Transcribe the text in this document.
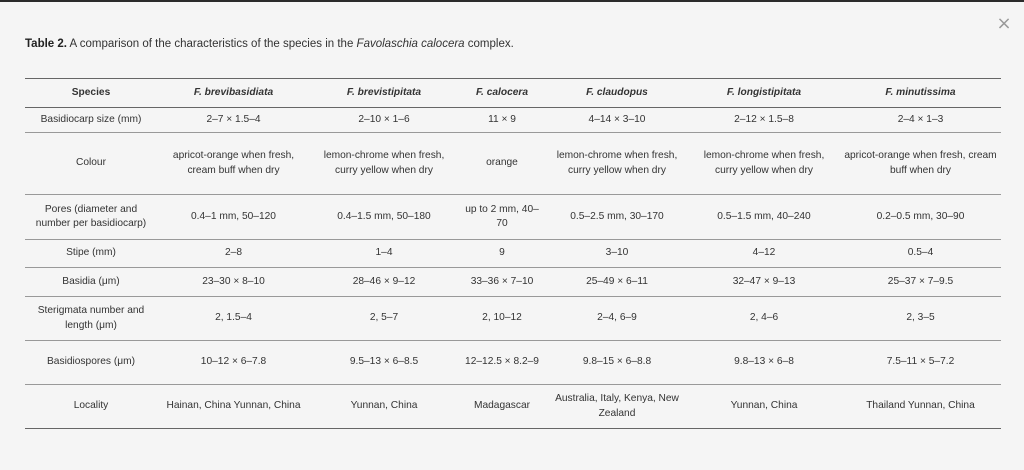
×
Table 2. A comparison of the characteristics of the species in the Favolaschia calocera complex.
Species	F. brevibasidiata	F. brevistipitata	F. calocera	F. claudopus	F. longistipitata	F. minutissima
Basidiocarp size (mm)	2–7 × 1.5–4	2–10 × 1–6	11 × 9	4–14 × 3–10	2–12 × 1.5–8	2–4 × 1–3
Colour	apricot-orange when fresh, cream buff when dry	lemon-chrome when fresh, curry yellow when dry	orange	lemon-chrome when fresh, curry yellow when dry	lemon-chrome when fresh, curry yellow when dry	apricot-orange when fresh, cream buff when dry
Pores (diameter and number per basidiocarp)	0.4–1 mm, 50–120	0.4–1.5 mm, 50–180	up to 2 mm, 40–70	0.5–2.5 mm, 30–170	0.5–1.5 mm, 40–240	0.2–0.5 mm, 30–90
Stipe (mm)	2–8	1–4	9	3–10	4–12	0.5–4
Basidia (μm)	23–30 × 8–10	28–46 × 9–12	33–36 × 7–10	25–49 × 6–11	32–47 × 9–13	25–37 × 7–9.5
Sterigmata number and length (μm)	2, 1.5–4	2, 5–7	2, 10–12	2–4, 6–9	2, 4–6	2, 3–5
Basidiospores (μm)	10–12 × 6–7.8	9.5–13 × 6–8.5	12–12.5 × 8.2–9	9.8–15 × 6–8.8	9.8–13 × 6–8	7.5–11 × 5–7.2
Locality	Hainan, China Yunnan, China	Yunnan, China	Madagascar	Australia, Italy, Kenya, New Zealand	Yunnan, China	Thailand Yunnan, China
